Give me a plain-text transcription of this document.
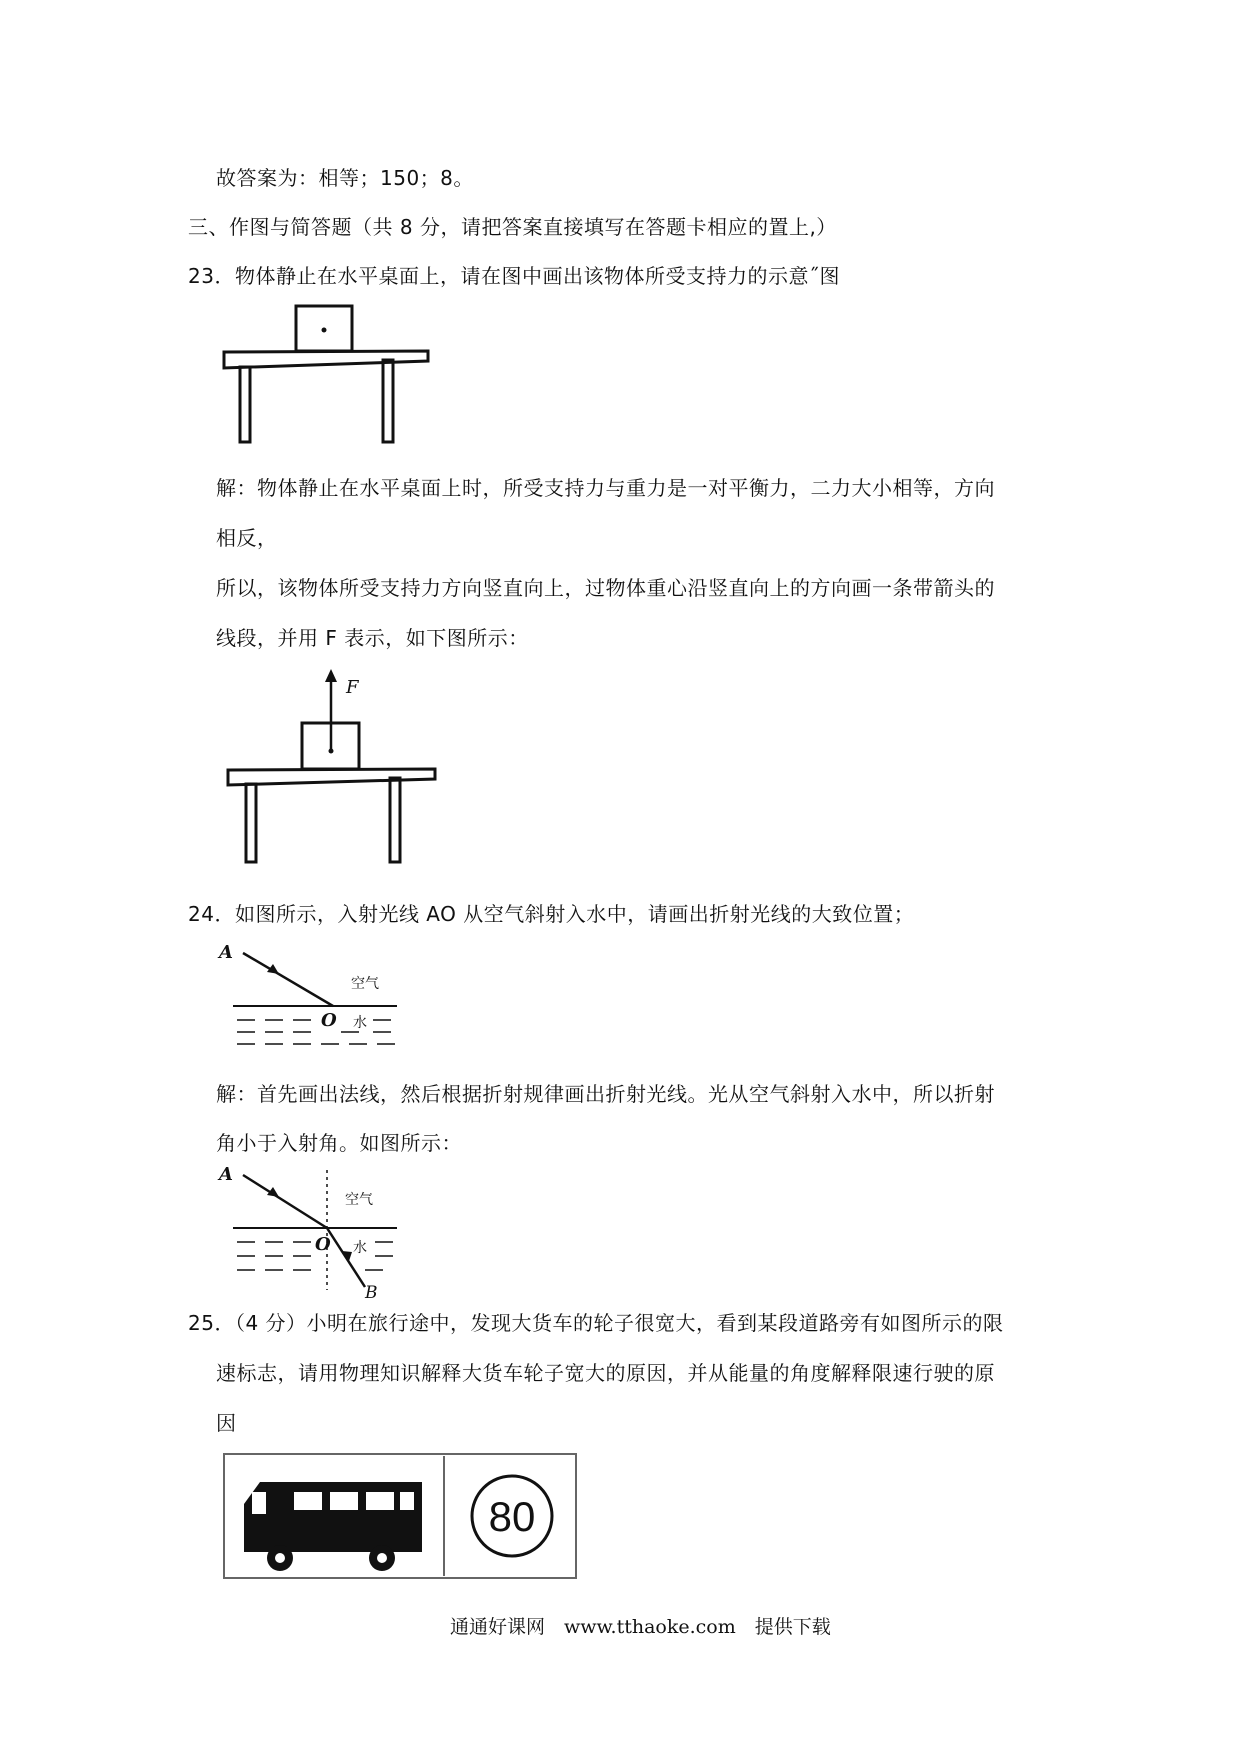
故答案为：相等；150；8。
三、作图与简答题（共 8 分，请把答案直接填写在答题卡相应的置上,）
23．物体静止在水平桌面上，请在图中画出该物体所受支持力的示意˝图
解：物体静止在水平桌面上时，所受支持力与重力是一对平衡力，二力大小相等，方向
相反，
所以，该物体所受支持力方向竖直向上，过物体重心沿竖直向上的方向画一条带箭头的
线段，并用 F 表示，如下图所示：
F
24．如图所示，入射光线 AO 从空气斜射入水中，请画出折射光线的大致位置；
A
空气
O 水
解：首先画出法线，然后根据折射规律画出折射光线。光从空气斜射入水中，所以折射
角小于入射角。如图所示：
A
空气
O 水
B
25．（4 分）小明在旅行途中，发现大货车的轮子很宽大，看到某段道路旁有如图所示的限
速标志，请用物理知识解释大货车轮子宽大的原因，并从能量的角度解释限速行驶的原
因
80
通通好课网　www.tthaoke.com　提供下载
